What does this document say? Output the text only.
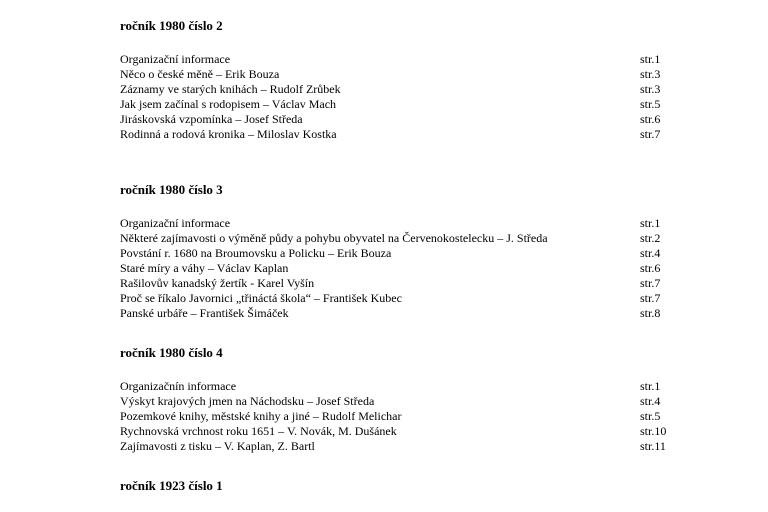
ročník 1980 číslo 2
Organizační informace	str.1
Něco o české měně – Erik Bouza	str.3
Záznamy ve starých knihách – Rudolf Zrůbek	str.3
Jak jsem začínal s rodopisem – Václav Mach	str.5
Jiráskovská vzpomínka – Josef Středa	str.6
Rodinná a rodová kronika – Miloslav Kostka	str.7
ročník 1980 číslo 3
Organizační informace	str.1
Některé zajímavosti o výměně půdy a pohybu obyvatel na Červenokostelecku – J. Středa	str.2
Povstání r. 1680 na Broumovsku a Policku – Erik Bouza	str.4
Staré míry a váhy – Václav Kaplan	str.6
Rašilovův kanadský žertík - Karel Vyšín	str.7
Proč se říkalo Javornici „třináctá škola“ – František Kubec	str.7
Panské urbáře – František Šimáček	str.8
ročník 1980 číslo 4
Organizačnín informace	str.1
Výskyt krajových jmen na Náchodsku – Josef Středa	str.4
Pozemkové knihy, městské knihy a jiné – Rudolf Melichar	str.5
Rychnovská vrchnost roku 1651 – V. Novák, M. Dušánek	str.10
Zajímavosti z tisku – V. Kaplan, Z. Bartl	str.11
ročník 1923 číslo 1
